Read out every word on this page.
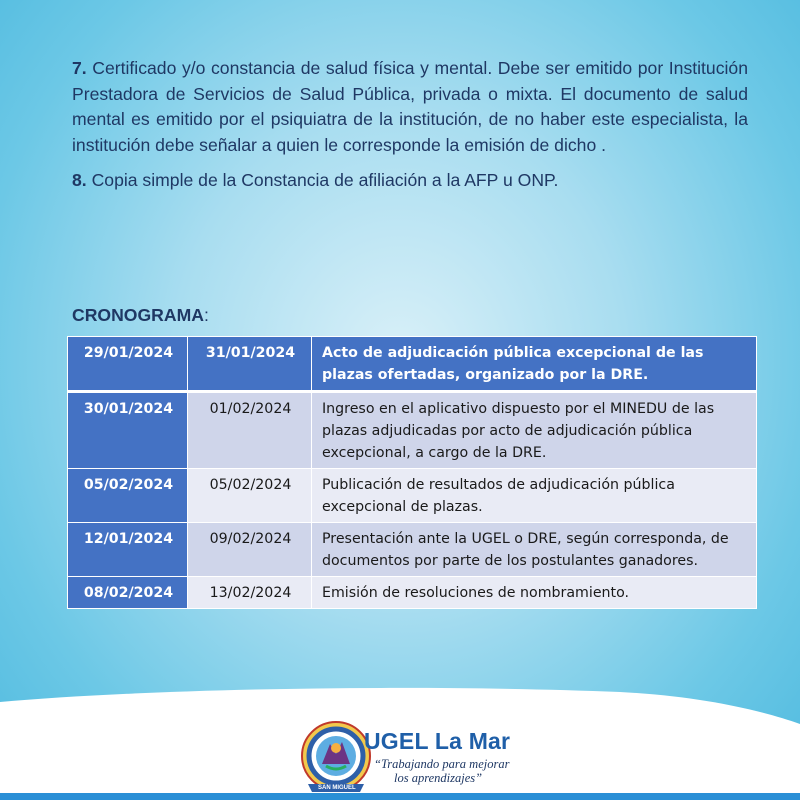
7. Certificado y/o constancia de salud física y mental. Debe ser emitido por Institución Prestadora de Servicios de Salud Pública, privada o mixta. El documento de salud mental es emitido por el psiquiatra de la institución, de no haber este especialista, la institución debe señalar a quien le corresponde la emisión de dicho .

8. Copia simple de la Constancia de afiliación a la AFP u ONP.

CRONOGRAMA:
29/01/2024	31/01/2024	Acto de adjudicación pública excepcional de las plazas ofertadas, organizado por la DRE.
30/01/2024	01/02/2024	Ingreso en el aplicativo dispuesto por el MINEDU de las plazas adjudicadas por acto de adjudicación pública excepcional, a cargo de la DRE.
05/02/2024	05/02/2024	Publicación de resultados de adjudicación pública excepcional de plazas.
12/01/2024	09/02/2024	Presentación ante la UGEL o DRE, según corresponda, de documentos por parte de los postulantes ganadores.
08/02/2024	13/02/2024	Emisión de resoluciones de nombramiento.
SAN MIGUEL
UGEL La Mar
“Trabajando para mejorar
los aprendizajes”
